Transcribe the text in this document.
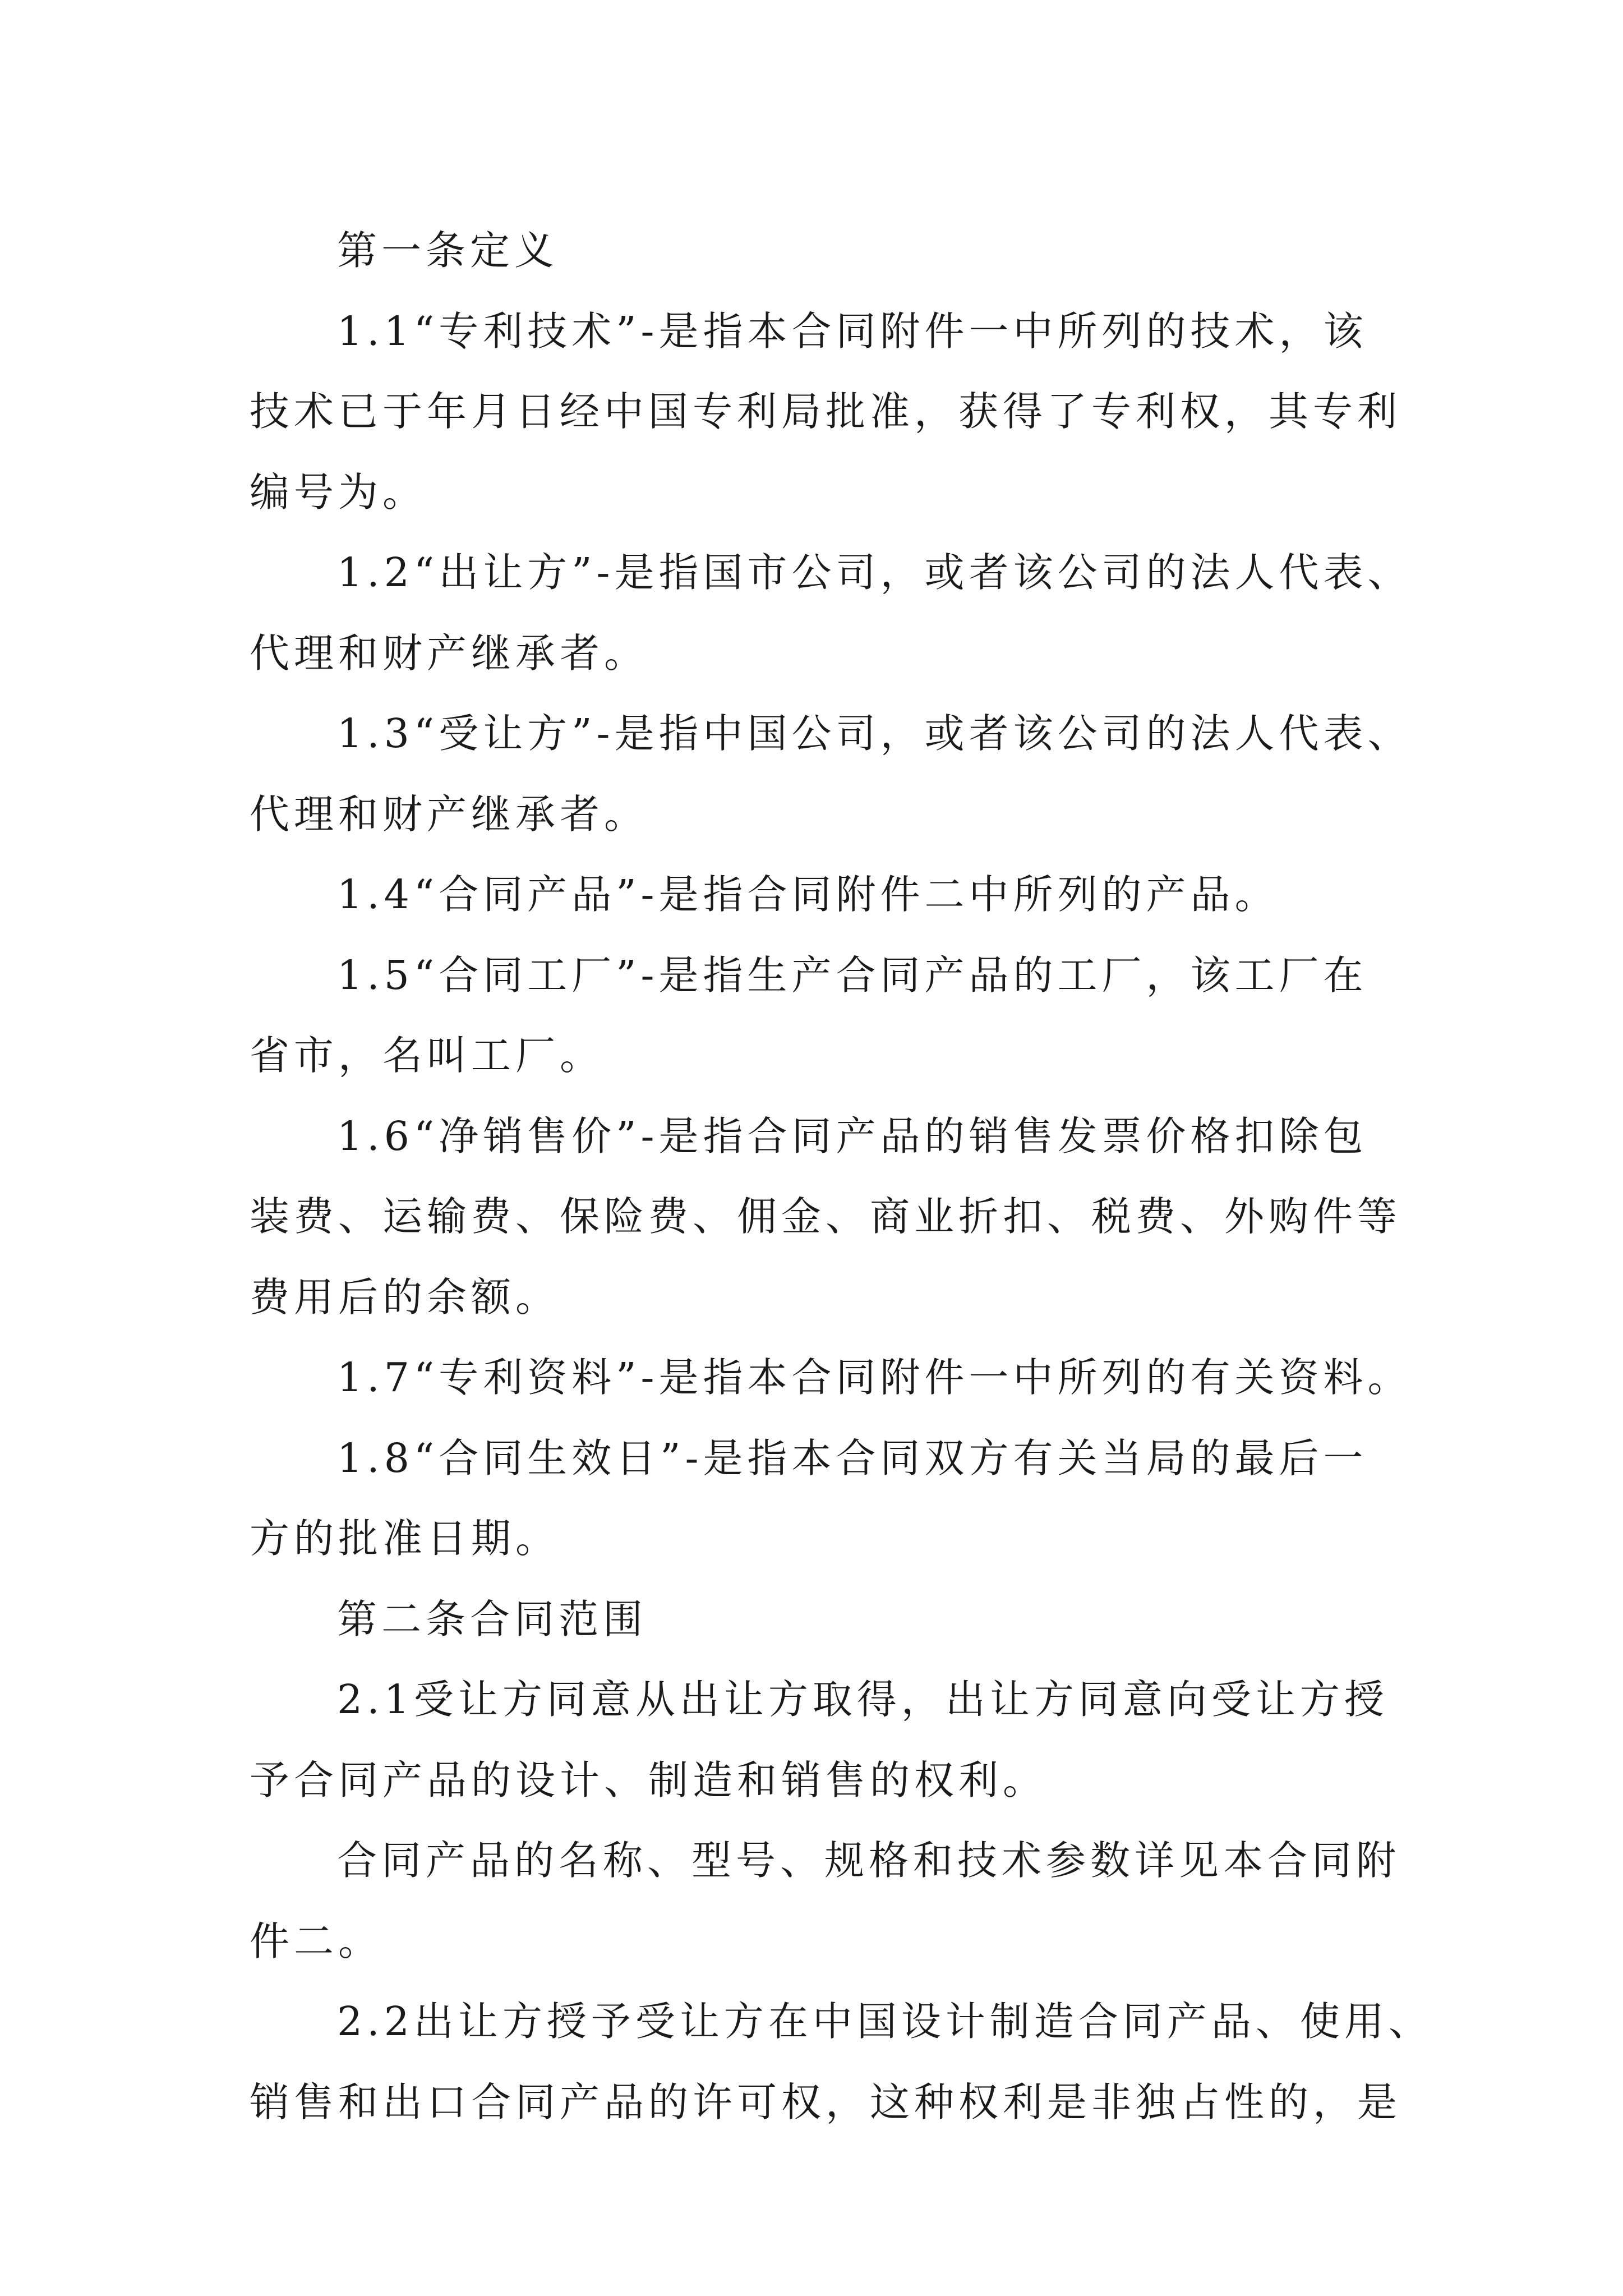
第一条定义
1.1“专利技术”-是指本合同附件一中所列的技术，该
技术已于年月日经中国专利局批准，获得了专利权，其专利
编号为。
1.2“出让方”-是指国市公司，或者该公司的法人代表、
代理和财产继承者。
1.3“受让方”-是指中国公司，或者该公司的法人代表、
代理和财产继承者。
1.4“合同产品”-是指合同附件二中所列的产品。
1.5“合同工厂”-是指生产合同产品的工厂，该工厂在
省市，名叫工厂。
1.6“净销售价”-是指合同产品的销售发票价格扣除包
装费、运输费、保险费、佣金、商业折扣、税费、外购件等
费用后的余额。
1.7“专利资料”-是指本合同附件一中所列的有关资料。
1.8“合同生效日”-是指本合同双方有关当局的最后一
方的批准日期。
第二条合同范围
2.1受让方同意从出让方取得，出让方同意向受让方授
予合同产品的设计、制造和销售的权利。
合同产品的名称、型号、规格和技术参数详见本合同附
件二。
2.2出让方授予受让方在中国设计制造合同产品、使用、
销售和出口合同产品的许可权，这种权利是非独占性的，是
